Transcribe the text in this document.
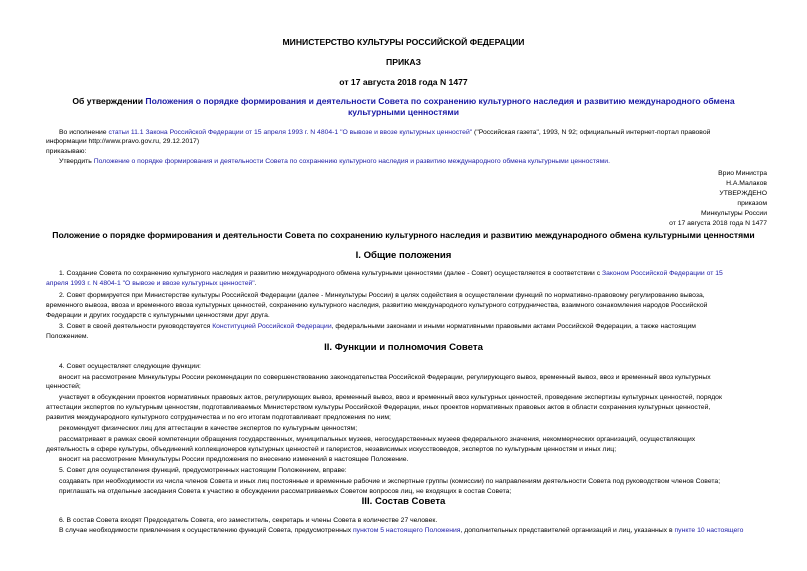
МИНИСТЕРСТВО КУЛЬТУРЫ РОССИЙСКОЙ ФЕДЕРАЦИИ
ПРИКАЗ
от 17 августа 2018 года N 1477
Об утверждении Положения о порядке формирования и деятельности Совета по сохранению культурного наследия и развитию международного обмена
культурными ценностями
Во исполнение статьи 11.1 Закона Российской Федерации от 15 апреля 1993 г. N 4804-1 "О вывозе и ввозе культурных ценностей" ("Российская газета", 1993, N 92; официальный интернет-портал правовой
информации http://www.pravo.gov.ru, 29.12.2017)
приказываю:
Утвердить Положение о порядке формирования и деятельности Совета по сохранению культурного наследия и развитию международного обмена культурными ценностями.
Врио Министра
Н.А.Малаков
УТВЕРЖДЕНО
приказом
Минкультуры России
от 17 августа 2018 года N 1477
Положение о порядке формирования и деятельности Совета по сохранению культурного наследия и развитию международного обмена культурными ценностями
I. Общие положения
1. Создание Совета по сохранению культурного наследия и развитию международного обмена культурными ценностями (далее - Совет) осуществляется в соответствии с Законом Российской Федерации от 15
апреля 1993 г. N 4804-1 "О вывозе и ввозе культурных ценностей".
2. Совет формируется при Министерстве культуры Российской Федерации (далее - Минкультуры России) в целях содействия в осуществлении функций по нормативно-правовому регулированию вывоза,
временного вывоза, ввоза и временного ввоза культурных ценностей, сохранению культурного наследия, развитию международного культурного сотрудничества, взаимного ознакомления народов Российской
Федерации и других государств с культурными ценностями друг друга.
3. Совет в своей деятельности руководствуется Конституцией Российской Федерации, федеральными законами и иными нормативными правовыми актами Российской Федерации, а также настоящим
Положением.
II. Функции и полномочия Совета
4. Совет осуществляет следующие функции:
вносит на рассмотрение Минкультуры России рекомендации по совершенствованию законодательства Российской Федерации, регулирующего вывоз, временный вывоз, ввоз и временный ввоз культурных
ценностей;
участвует в обсуждении проектов нормативных правовых актов, регулирующих вывоз, временный вывоз, ввоз и временный ввоз культурных ценностей, проведение экспертизы культурных ценностей, порядок
аттестации экспертов по культурным ценностям, подготавливаемых Министерством культуры Российской Федерации, иных проектов нормативных правовых актов в области сохранения культурных ценностей,
развития международного культурного сотрудничества и по его итогам подготавливает предложения по ним;
рекомендует физических лиц для аттестации в качестве экспертов по культурным ценностям;
рассматривает в рамках своей компетенции обращения государственных, муниципальных музеев, негосударственных музеев федерального значения, некоммерческих организаций, осуществляющих
деятельность в сфере культуры, объединений коллекционеров культурных ценностей и галеристов, независимых искусствоведов, экспертов по культурным ценностям и иных лиц;
вносит на рассмотрение Минкультуры России предложения по внесению изменений в настоящее Положение.
5. Совет для осуществления функций, предусмотренных настоящим Положением, вправе:
создавать при необходимости из числа членов Совета и иных лиц постоянные и временные рабочие и экспертные группы (комиссии) по направлениям деятельности Совета под руководством членов Совета;
приглашать на отдельные заседания Совета к участию в обсуждении рассматриваемых Советом вопросов лиц, не входящих в состав Совета;
III. Состав Совета
6. В состав Совета входят Председатель Совета, его заместитель, секретарь и члены Совета в количестве 27 человек.
В случае необходимости привлечения к осуществлению функций Совета, предусмотренных пунктом 5 настоящего Положения, дополнительных представителей организаций и лиц, указанных в пункте 10 настоящего
